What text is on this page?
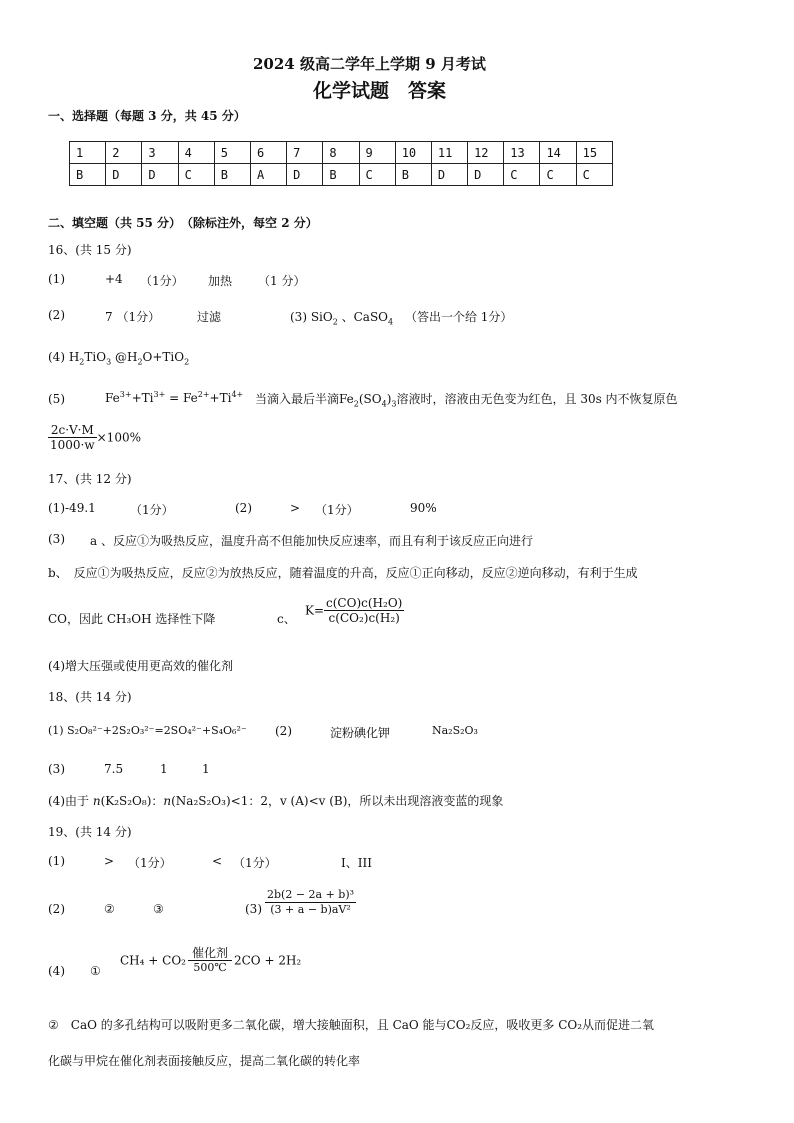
2024 级高二学年上学期 9 月考试
化学试题　答案
一、选择题（每题 3 分，共 45 分）
1	2	3	4	5	6	7	8	9	10	11	12	13	14	15
B	D	D	C	B	A	D	B	C	B	D	D	C	C	C
二、填空题（共 55 分）　（除标注外，每空 2 分）
16、(共 15 分)
(1)	+4 （1分） 加热 （1 分）
(2)	7 （1分）	过滤	(3) SiO$_2$ 、CaSO$_4$ （答出一个给 1分）
(4) $H_2TiO_3$ $@H_2O+TiO_2$
(5)	$Fe^{3+}+Ti^{3+} = Fe^{2+}+Ti^{4+}$ 当滴入最后半滴$Fe_2(SO_4)_3$溶液时，溶液由无色变为红色，且 30s 内不恢复原色
$\frac{2c\cdot V\cdot M}{1000\cdot w} \times 100\%$
17、(共 12 分)
(1)-49.1	（1分）	(2)	> （1分）	90%
(3) a 、反应①为吸热反应，温度升高不但能加快反应速率，而且有利于该反应正向进行
b、　反应①为吸热反应，反应②为放热反应，随着温度的升高，反应①正向移动，反应②逆向移动，有利于生成
CO，因此 CH₃OH 选择性下降	c、
$K= \frac{\text{c(CO)c(H₂O)}}{\text{c(CO₂)c(H₂)}}$
(4)增大压强或使用更高效的催化剂
18、(共 14 分)
(1) S₂O₈²⁻+2S₂O₃²⁻=2SO₄²⁻+S₄O₆²⁻ (2)	淀粉碘化钾	Na₂S₂O₃
(3)	7.5	1	1
(4)由于 n(K₂S₂O₈)：n(Na₂S₂O₃)<1：2，v (A)<v (B)，所以未出现溶液变蓝的现象
19、(共 14 分)
(1)	> （1分）	< （1分）	I、III
(2)	②	③	$(3) \frac{\text{2b(2 − 2a + b)³}}{\text{(3 + a − b)aV²}}$
(4) ①
CH₄ + CO₂
催化剂
500℃ 2CO + 2H₂
②　CaO 的多孔结构可以吸附更多二氧化碳，增大接触面积，且 CaO 能与CO₂反应，吸收更多 CO₂从而促进二氧
化碳与甲烷在催化剂表面接触反应，提高二氧化碳的转化率
